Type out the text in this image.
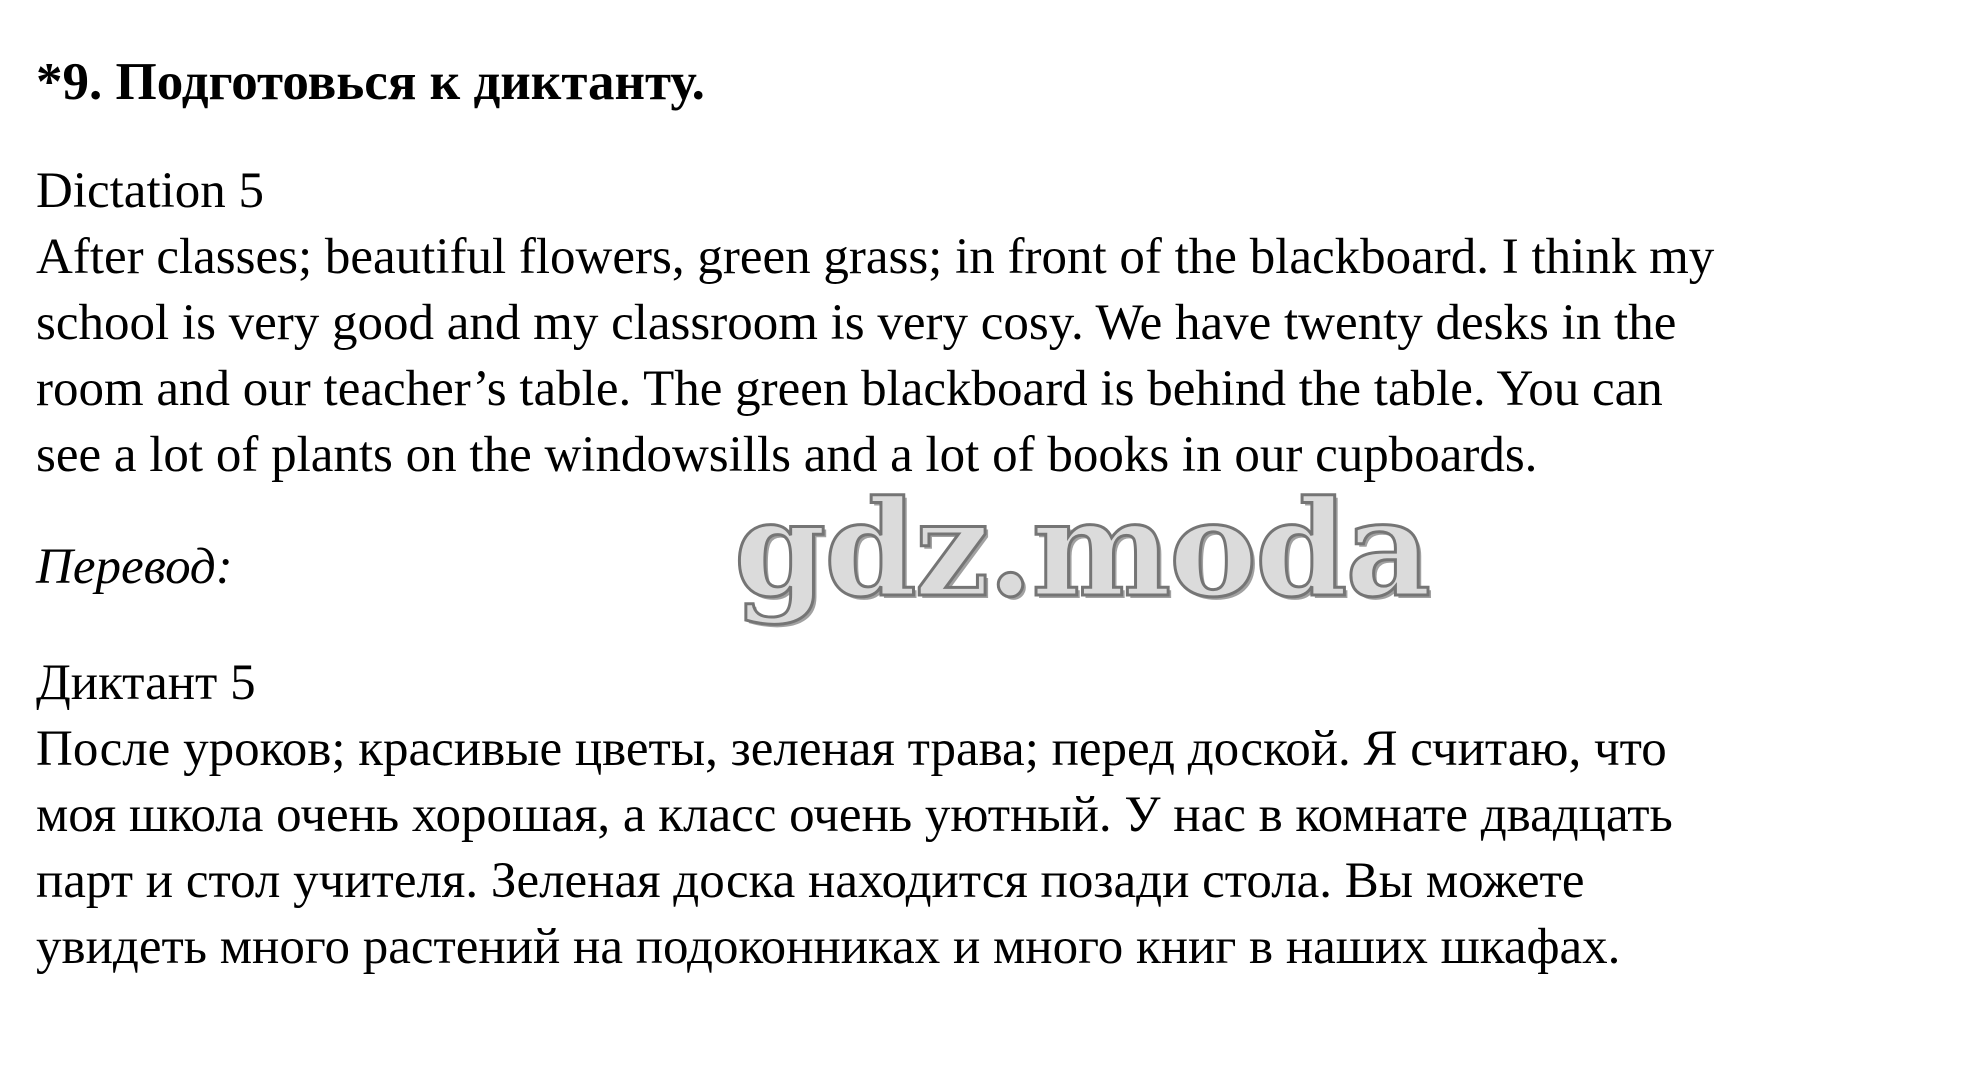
*9. Подготовься к диктанту.
Dictation 5
After classes; beautiful flowers, green grass; in front of the blackboard. I think my
school is very good and my classroom is very cosy. We have twenty desks in the
room and our teacher’s table. The green blackboard is behind the table. You can
see a lot of plants on the windowsills and a lot of books in our cupboards.
Перевод:
Диктант 5
После уроков; красивые цветы, зеленая трава; перед доской. Я считаю, что
моя школа очень хорошая, а класс очень уютный. У нас в комнате двадцать
парт и стол учителя. Зеленая доска находится позади стола. Вы можете
увидеть много растений на подоконниках и много книг в наших шкафах.
gdz.moda
